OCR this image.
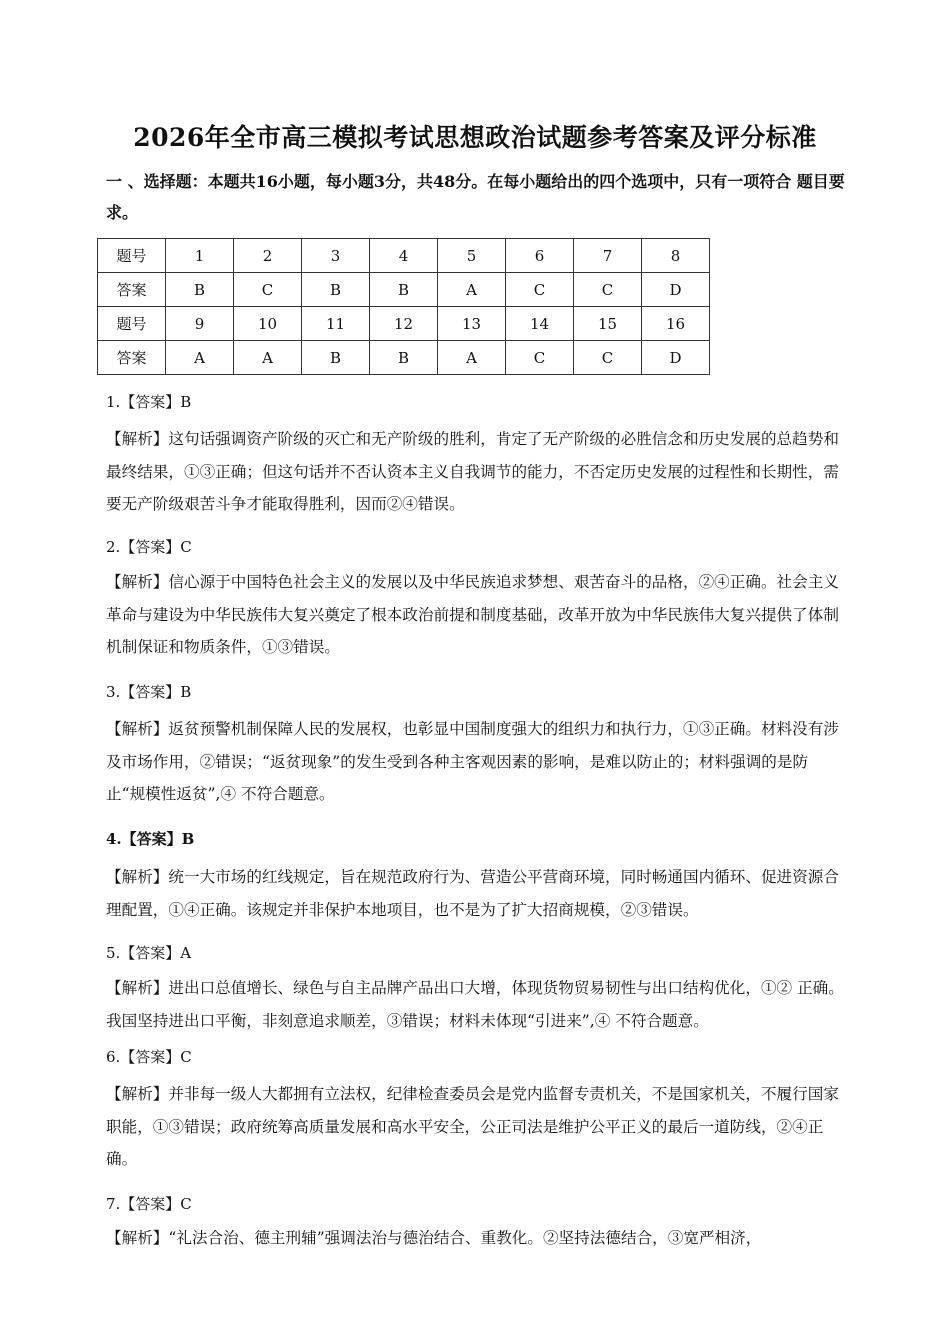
2026年全市高三模拟考试思想政治试题参考答案及评分标准
一 、选择题：本题共16小题，每小题3分，共48分。在每小题给出的四个选项中，只有一项符合 题目要求。
题号	1	2	3	4	5	6	7	8
答案	B	C	B	B	A	C	C	D
题号	9	10	11	12	13	14	15	16
答案	A	A	B	B	A	C	C	D
1.【答案】B
【解析】这句话强调资产阶级的灭亡和无产阶级的胜利，肯定了无产阶级的必胜信念和历史发展的总趋势和最终结果，①③正确；但这句话并不否认资本主义自我调节的能力，不否定历史发展的过程性和长期性，需要无产阶级艰苦斗争才能取得胜利，因而②④错误。
2.【答案】C
【解析】信心源于中国特色社会主义的发展以及中华民族追求梦想、艰苦奋斗的品格，②④正确。社会主义革命与建设为中华民族伟大复兴奠定了根本政治前提和制度基础，改革开放为中华民族伟大复兴提供了体制机制保证和物质条件，①③错误。
3.【答案】B
【解析】返贫预警机制保障人民的发展权，也彰显中国制度强大的组织力和执行力，①③正确。材料没有涉及市场作用，②错误；“返贫现象”的发生受到各种主客观因素的影响，是难以防止的；材料强调的是防止“规模性返贫”,④ 不符合题意。
4.【答案】B
【解析】统一大市场的红线规定，旨在规范政府行为、营造公平营商环境，同时畅通国内循环、促进资源合理配置，①④正确。该规定并非保护本地项目，也不是为了扩大招商规模，②③错误。
5.【答案】A
【解析】进出口总值增长、绿色与自主品牌产品出口大增，体现货物贸易韧性与出口结构优化，①② 正确。我国坚持进出口平衡，非刻意追求顺差，③错误；材料未体现“引进来”,④ 不符合题意。
6.【答案】C
【解析】并非每一级人大都拥有立法权，纪律检查委员会是党内监督专责机关，不是国家机关，不履行国家职能，①③错误；政府统筹高质量发展和高水平安全，公正司法是维护公平正义的最后一道防线，②④正确。
7.【答案】C
【解析】“礼法合治、德主刑辅”强调法治与德治结合、重教化。②坚持法德结合，③宽严相济，
